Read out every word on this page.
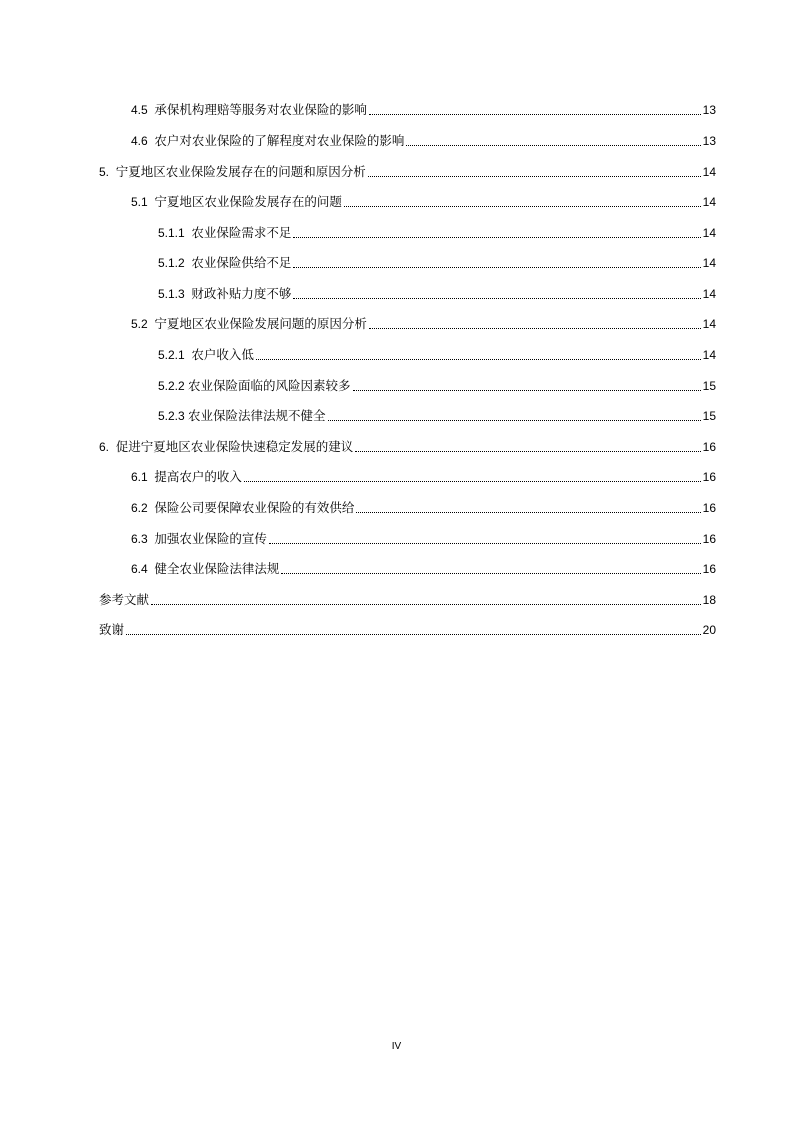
4.5 承保机构理赔等服务对农业保险的影响	13
4.6 农户对农业保险的了解程度对农业保险的影响	13
5. 宁夏地区农业保险发展存在的问题和原因分析	14
5.1 宁夏地区农业保险发展存在的问题	14
5.1.1 农业保险需求不足	14
5.1.2 农业保险供给不足	14
5.1.3 财政补贴力度不够	14
5.2 宁夏地区农业保险发展问题的原因分析	14
5.2.1 农户收入低	14
5.2.2 农业保险面临的风险因素较多	15
5.2.3 农业保险法律法规不健全	15
6. 促进宁夏地区农业保险快速稳定发展的建议	16
6.1 提高农户的收入	16
6.2 保险公司要保障农业保险的有效供给	16
6.3 加强农业保险的宣传	16
6.4 健全农业保险法律法规	16
参考文献	18
致谢	20
IV
